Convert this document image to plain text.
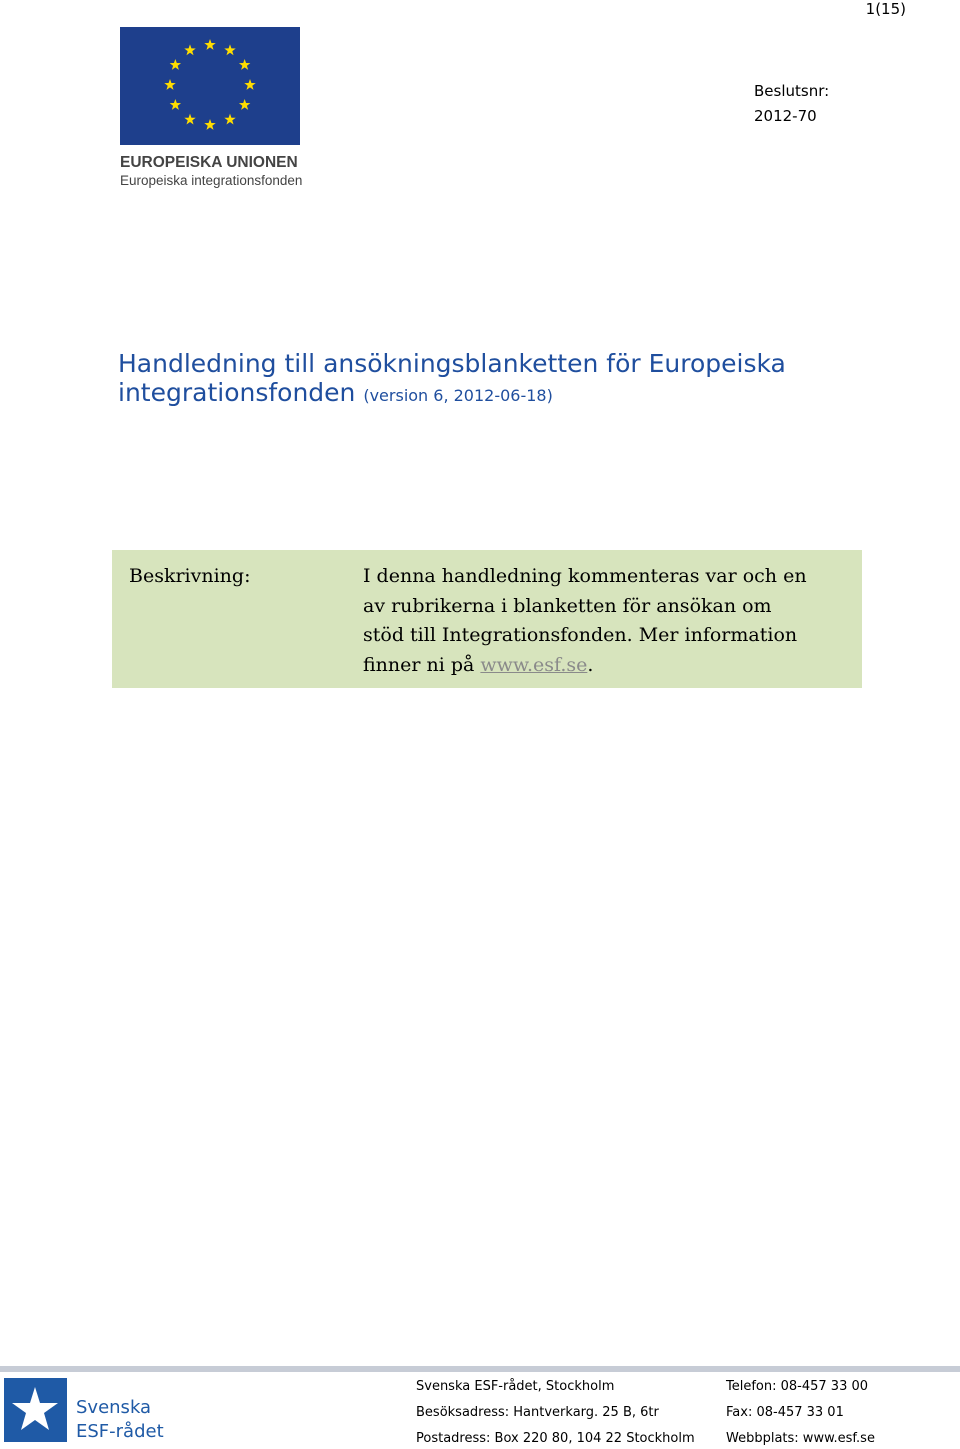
1(15)
EUROPEISKA UNIONEN
Europeiska integrationsfonden
Beslutsnr:
2012-70
Handledning till ansökningsblanketten för Europeiska
integrationsfonden (version 6, 2012-06-18)
Beskrivning:	I denna handledning kommenteras var och en
av rubrikerna i blanketten för ansökan om
stöd till Integrationsfonden. Mer information
finner ni på www.esf.se.
Svenska
ESF-rådet
Svenska ESF-rådet, Stockholm
Besöksadress: Hantverkarg. 25 B, 6tr
Postadress: Box 220 80, 104 22 Stockholm
Telefon: 08-457 33 00
Fax: 08-457 33 01
Webbplats: www.esf.se
